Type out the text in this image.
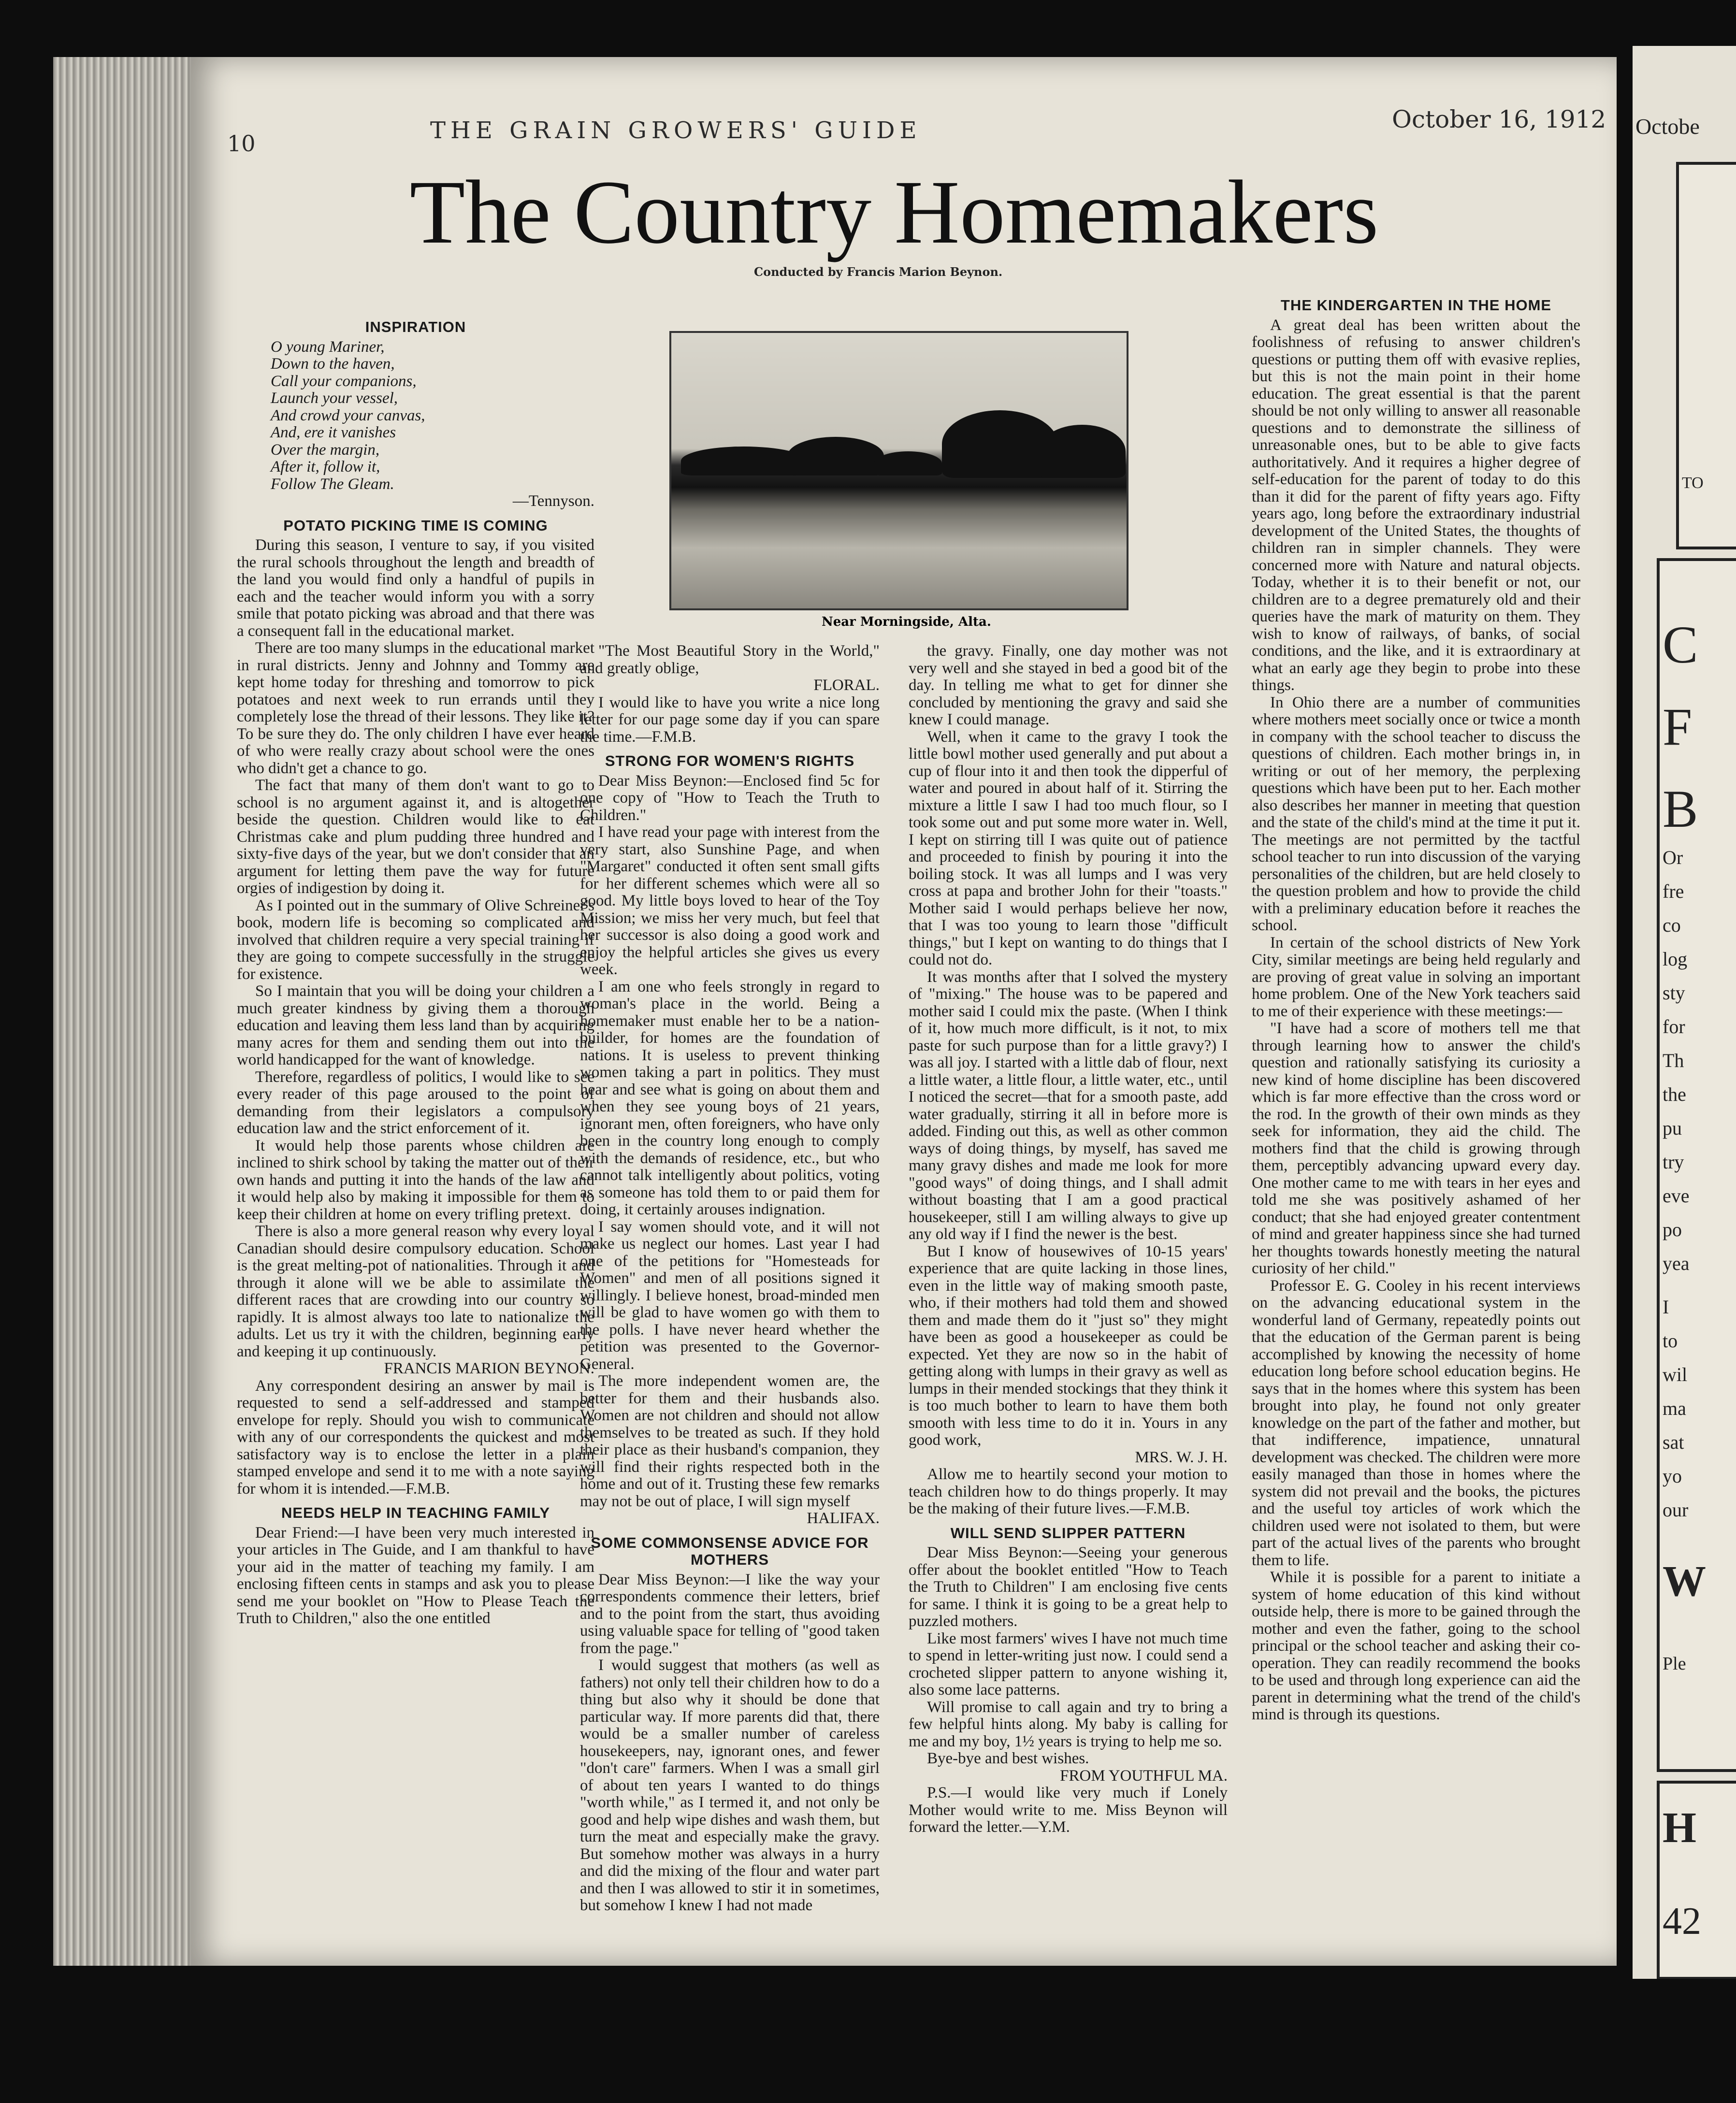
10	THE GRAIN GROWERS' GUIDE	October 16, 1912
The Country Homemakers
Conducted by Francis Marion Beynon.
Near Morningside, Alta.
INSPIRATION

O young Mariner,

Down to the haven,

Call your companions,

Launch your vessel,

And crowd your canvas,

And, ere it vanishes

Over the margin,

After it, follow it,

Follow The Gleam.

—Tennyson.

POTATO PICKING TIME IS COMING

During this season, I venture to say, if you visited the rural schools throughout the length and breadth of the land you would find only a handful of pupils in each and the teacher would inform you with a sorry smile that potato picking was abroad and that there was a consequent fall in the educational market.

There are too many slumps in the educational market in rural districts. Jenny and Johnny and Tommy are kept home today for threshing and tomorrow to pick potatoes and next week to run errands until they completely lose the thread of their lessons. They like it? To be sure they do. The only children I have ever heard of who were really crazy about school were the ones who didn't get a chance to go.

The fact that many of them don't want to go to school is no argument against it, and is altogether beside the question. Children would like to eat Christmas cake and plum pudding three hundred and sixty-five days of the year, but we don't consider that an argument for letting them pave the way for future orgies of indigestion by doing it.

As I pointed out in the summary of Olive Schreiner's book, modern life is becoming so complicated and involved that children require a very special training if they are going to compete successfully in the struggle for existence.

So I maintain that you will be doing your children a much greater kindness by giving them a thorough education and leaving them less land than by acquiring many acres for them and sending them out into the world handicapped for the want of knowledge.

Therefore, regardless of politics, I would like to see every reader of this page aroused to the point of demanding from their legislators a compulsory education law and the strict enforcement of it.

It would help those parents whose children are inclined to shirk school by taking the matter out of their own hands and putting it into the hands of the law and it would help also by making it impossible for them to keep their children at home on every trifling pretext.

There is also a more general reason why every loyal Canadian should desire compulsory education. School is the great melting-pot of nationalities. Through it and through it alone will we be able to assimilate the different races that are crowding into our country so rapidly. It is almost always too late to nationalize the adults. Let us try it with the children, beginning early and keeping it up continuously.

FRANCIS MARION BEYNON.

Any correspondent desiring an answer by mail is requested to send a self-addressed and stamped envelope for reply. Should you wish to communicate with any of our correspondents the quickest and most satisfactory way is to enclose the letter in a plain stamped envelope and send it to me with a note saying for whom it is intended.—F.M.B.

NEEDS HELP IN TEACHING FAMILY

Dear Friend:—I have been very much interested in your articles in The Guide, and I am thankful to have your aid in the matter of teaching my family. I am enclosing fifteen cents in stamps and ask you to please send me your booklet on "How to Please Teach the Truth to Children," also the one entitled

"The Most Beautiful Story in the World," and greatly oblige,

FLORAL.

I would like to have you write a nice long letter for our page some day if you can spare the time.—F.M.B.

STRONG FOR WOMEN'S RIGHTS

Dear Miss Beynon:—Enclosed find 5c for one copy of "How to Teach the Truth to Children."

I have read your page with interest from the very start, also Sunshine Page, and when "Margaret" conducted it often sent small gifts for her different schemes which were all so good. My little boys loved to hear of the Toy Mission; we miss her very much, but feel that her successor is also doing a good work and enjoy the helpful articles she gives us every week.

I am one who feels strongly in regard to woman's place in the world. Being a homemaker must enable her to be a nation-builder, for homes are the foundation of nations. It is useless to prevent thinking women taking a part in politics. They must hear and see what is going on about them and when they see young boys of 21 years, ignorant men, often foreigners, who have only been in the country long enough to comply with the demands of residence, etc., but who cannot talk intelligently about politics, voting as someone has told them to or paid them for doing, it certainly arouses indignation.

I say women should vote, and it will not make us neglect our homes. Last year I had one of the petitions for "Homesteads for Women" and men of all positions signed it willingly. I believe honest, broad-minded men will be glad to have women go with them to the polls. I have never heard whether the petition was presented to the Governor-General.

The more independent women are, the better for them and their husbands also. Women are not children and should not allow themselves to be treated as such. If they hold their place as their husband's companion, they will find their rights respected both in the home and out of it. Trusting these few remarks may not be out of place, I will sign myself

HALIFAX.

SOME COMMONSENSE ADVICE FOR MOTHERS

Dear Miss Beynon:—I like the way your correspondents commence their letters, brief and to the point from the start, thus avoiding using valuable space for telling of "good taken from the page."

I would suggest that mothers (as well as fathers) not only tell their children how to do a thing but also why it should be done that particular way. If more parents did that, there would be a smaller number of careless housekeepers, nay, ignorant ones, and fewer "don't care" farmers. When I was a small girl of about ten years I wanted to do things "worth while," as I termed it, and not only be good and help wipe dishes and wash them, but turn the meat and especially make the gravy. But somehow mother was always in a hurry and did the mixing of the flour and water part and then I was allowed to stir it in sometimes, but somehow I knew I had not made

the gravy. Finally, one day mother was not very well and she stayed in bed a good bit of the day. In telling me what to get for dinner she concluded by mentioning the gravy and said she knew I could manage.

Well, when it came to the gravy I took the little bowl mother used generally and put about a cup of flour into it and then took the dipperful of water and poured in about half of it. Stirring the mixture a little I saw I had too much flour, so I took some out and put some more water in. Well, I kept on stirring till I was quite out of patience and proceeded to finish by pouring it into the boiling stock. It was all lumps and I was very cross at papa and brother John for their "toasts." Mother said I would perhaps believe her now, that I was too young to learn those "difficult things," but I kept on wanting to do things that I could not do.

It was months after that I solved the mystery of "mixing." The house was to be papered and mother said I could mix the paste. (When I think of it, how much more difficult, is it not, to mix paste for such purpose than for a little gravy?) I was all joy. I started with a little dab of flour, next a little water, a little flour, a little water, etc., until I noticed the secret—that for a smooth paste, add water gradually, stirring it all in before more is added. Finding out this, as well as other common ways of doing things, by myself, has saved me many gravy dishes and made me look for more "good ways" of doing things, and I shall admit without boasting that I am a good practical housekeeper, still I am willing always to give up any old way if I find the newer is the best.

But I know of housewives of 10-15 years' experience that are quite lacking in those lines, even in the little way of making smooth paste, who, if their mothers had told them and showed them and made them do it "just so" they might have been as good a housekeeper as could be expected. Yet they are now so in the habit of getting along with lumps in their gravy as well as lumps in their mended stockings that they think it is too much bother to learn to have them both smooth with less time to do it in. Yours in any good work,

MRS. W. J. H.

Allow me to heartily second your motion to teach children how to do things properly. It may be the making of their future lives.—F.M.B.

WILL SEND SLIPPER PATTERN

Dear Miss Beynon:—Seeing your generous offer about the booklet entitled "How to Teach the Truth to Children" I am enclosing five cents for same. I think it is going to be a great help to puzzled mothers.

Like most farmers' wives I have not much time to spend in letter-writing just now. I could send a crocheted slipper pattern to anyone wishing it, also some lace patterns.

Will promise to call again and try to bring a few helpful hints along. My baby is calling for me and my boy, 1½ years is trying to help me so.

Bye-bye and best wishes.

FROM YOUTHFUL MA.

P.S.—I would like very much if Lonely Mother would write to me. Miss Beynon will forward the letter.—Y.M.

THE KINDERGARTEN IN THE HOME

A great deal has been written about the foolishness of refusing to answer children's questions or putting them off with evasive replies, but this is not the main point in their home education. The great essential is that the parent should be not only willing to answer all reasonable questions and to demonstrate the silliness of unreasonable ones, but to be able to give facts authoritatively. And it requires a higher degree of self-education for the parent of today to do this than it did for the parent of fifty years ago. Fifty years ago, long before the extraordinary industrial development of the United States, the thoughts of children ran in simpler channels. They were concerned more with Nature and natural objects. Today, whether it is to their benefit or not, our children are to a degree prematurely old and their queries have the mark of maturity on them. They wish to know of railways, of banks, of social conditions, and the like, and it is extraordinary at what an early age they begin to probe into these things.

In Ohio there are a number of communities where mothers meet socially once or twice a month in company with the school teacher to discuss the questions of children. Each mother brings in, in writing or out of her memory, the perplexing questions which have been put to her. Each mother also describes her manner in meeting that question and the state of the child's mind at the time it put it. The meetings are not permitted by the tactful school teacher to run into discussion of the varying personalities of the children, but are held closely to the question problem and how to provide the child with a preliminary education before it reaches the school.

In certain of the school districts of New York City, similar meetings are being held regularly and are proving of great value in solving an important home problem. One of the New York teachers said to me of their experience with these meetings:—

"I have had a score of mothers tell me that through learning how to answer the child's question and rationally satisfying its curiosity a new kind of home discipline has been discovered which is far more effective than the cross word or the rod. In the growth of their own minds as they seek for information, they aid the child. The mothers find that the child is growing through them, perceptibly advancing upward every day. One mother came to me with tears in her eyes and told me she was positively ashamed of her conduct; that she had enjoyed greater contentment of mind and greater happiness since she had turned her thoughts towards honestly meeting the natural curiosity of her child."

Professor E. G. Cooley in his recent interviews on the advancing educational system in the wonderful land of Germany, repeatedly points out that the education of the German parent is being accomplished by knowing the necessity of home education long before school education begins. He says that in the homes where this system has been brought into play, he found not only greater knowledge on the part of the father and mother, but that indifference, impatience, unnatural development was checked. The children were more easily managed than those in homes where the system did not prevail and the books, the pictures and the useful toy articles of work which the children used were not isolated to them, but were part of the actual lives of the parents who brought them to life.

While it is possible for a parent to initiate a system of home education of this kind without outside help, there is more to be gained through the mother and even the father, going to the school principal or the school teacher and asking their co-operation. They can readily recommend the books to be used and through long experience can aid the parent in determining what the trend of the child's mind is through its questions.

Octobe
TO
C
F
B
Or
fre
co
log
sty
for
Th
the
pu
try
eve
po
yea
I
to
wil
ma
sat
yo
our
W
Ple
H
42
